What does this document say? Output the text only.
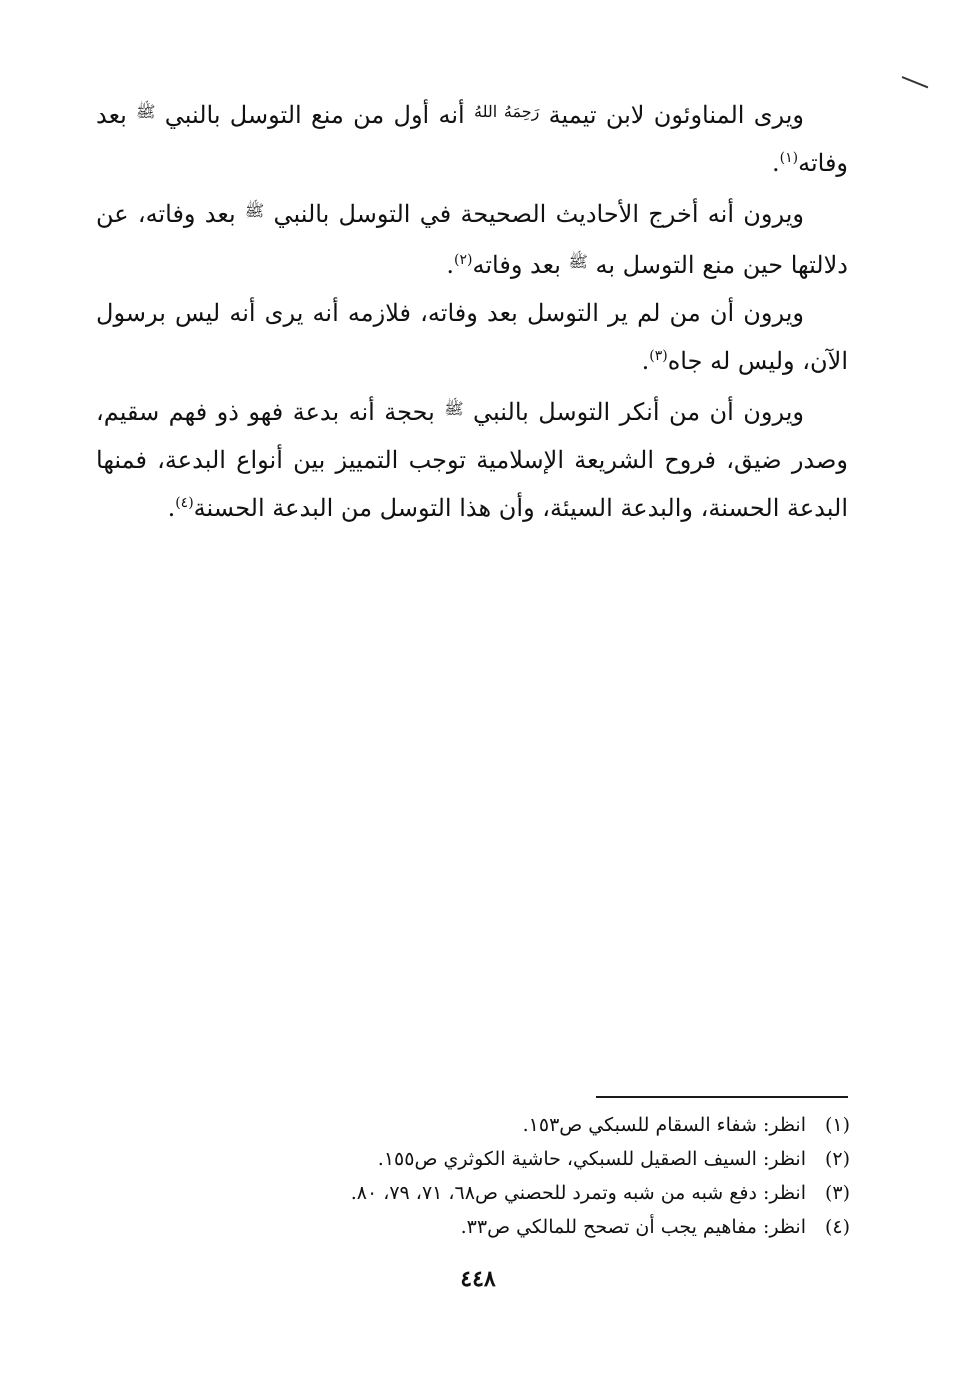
ويرى المناوئون لابن تيمية $^{رَحِمَهُ اللهُ}$ أنه أول من منع التوسل بالنبي $^ﷺ$ بعد وفاته$^{(١)}$.

ويرون أنه أخرج الأحاديث الصحيحة في التوسل بالنبي $^ﷺ$ بعد وفاته، عن دلالتها حين منع التوسل به $^ﷺ$ بعد وفاته$^{(٢)}$.

ويرون أن من لم ير التوسل بعد وفاته، فلازمه أنه يرى أنه ليس برسول الآن، وليس له جاه$^{(٣)}$.

ويرون أن من أنكر التوسل بالنبي $^ﷺ$ بحجة أنه بدعة فهو ذو فهم سقيم، وصدر ضيق، فروح الشريعة الإسلامية توجب التمييز بين أنواع البدعة، فمنها البدعة الحسنة، والبدعة السيئة، وأن هذا التوسل من البدعة الحسنة$^{(٤)}$.

(١)
انظر: شفاء السقام للسبكي ص١٥٣.
(٢)
انظر: السيف الصقيل للسبكي، حاشية الكوثري ص١٥٥.
(٣)
انظر: دفع شبه من شبه وتمرد للحصني ص٦٨، ٧١، ٧٩، ٨٠.
(٤)
انظر: مفاهيم يجب أن تصحح للمالكي ص٣٣.
٤٤٨
